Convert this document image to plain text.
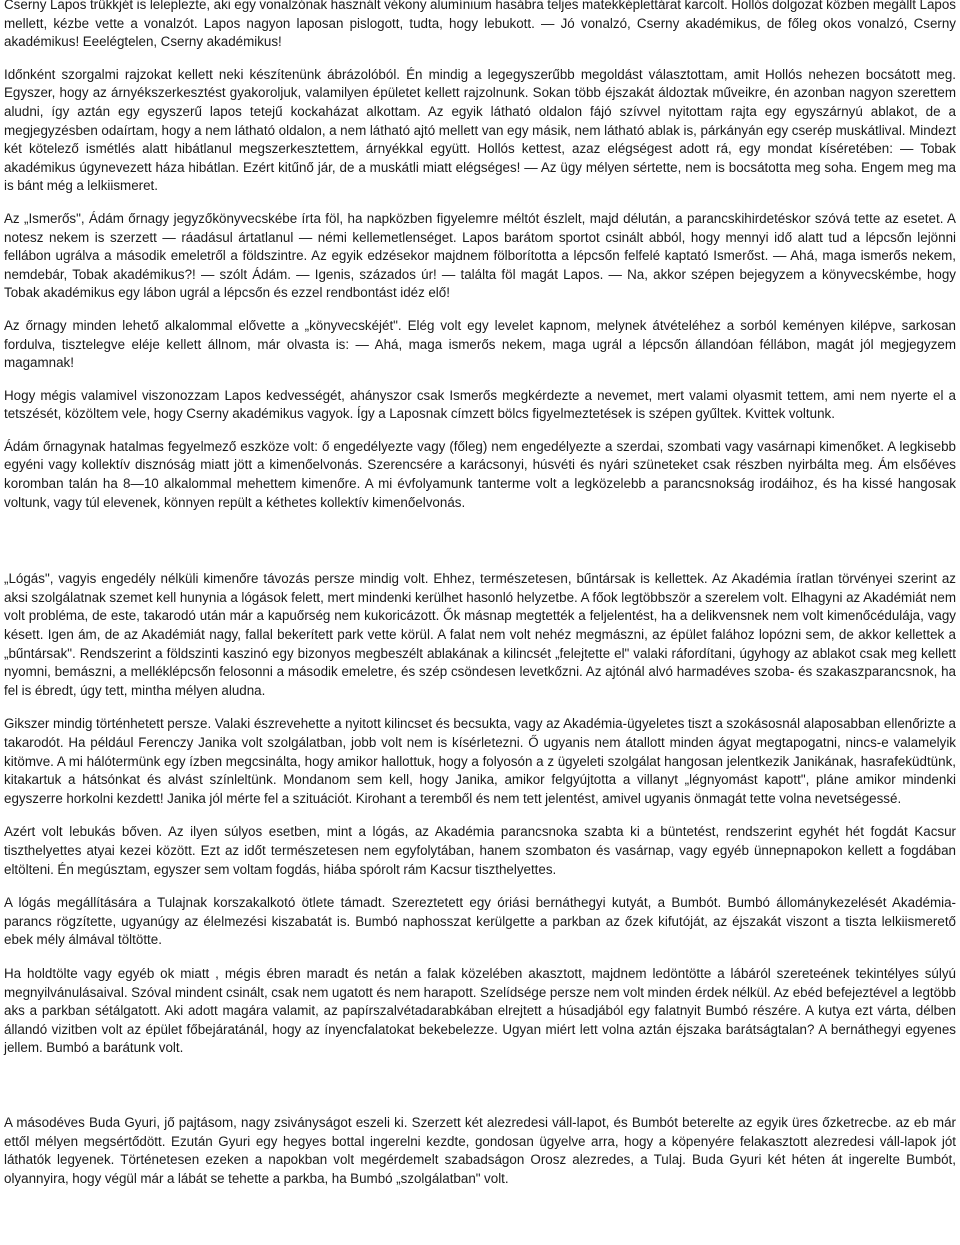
Cserny Lapos trükkjét is leleplezte, aki egy vonalzónak használt vékony alumínium hasábra teljes matekképlettárat karcolt. Hollós dolgozat közben megállt Lapos mellett, kézbe vette a vonalzót. Lapos nagyon laposan pislogott, tudta, hogy lebukott. — Jó vonalzó, Cserny akadémikus, de főleg okos vonalzó, Cserny akadémikus! Eeelégtelen, Cserny akadémikus!

Időnként szorgalmi rajzokat kellett neki készítenünk ábrázolóból. Én mindig a legegyszerűbb megoldást választottam, amit Hollós nehezen bocsátott meg. Egyszer, hogy az árnyékszerkesztést gyakoroljuk, valamilyen épületet kellett rajzolnunk. Sokan több éjszakát áldoztak műveikre, én azonban nagyon szerettem aludni, így aztán egy egyszerű lapos tetejű kockaházat alkottam. Az egyik látható oldalon fájó szívvel nyitottam rajta egy egyszárnyú ablakot, de a megjegyzésben odaírtam, hogy a nem látható oldalon, a nem látható ajtó mellett van egy másik, nem látható ablak is, párkányán egy cserép muskátlival. Mindezt két kötelező ismétlés alatt hibátlanul megszerkesztettem, árnyékkal együtt. Hollós kettest, azaz elégségest adott rá, egy mondat kíséretében: — Tobak akadémikus úgynevezett háza hibátlan. Ezért kitűnő jár, de a muskátli miatt elégséges! — Az ügy mélyen sértette, nem is bocsátotta meg soha. Engem meg ma is bánt még a lelkiismeret.

Az „Ismerős", Ádám őrnagy jegyzőkönyvecskébe írta föl, ha napközben figyelemre méltót észlelt, majd délután, a parancskihirdetéskor szóvá tette az esetet. A notesz nekem is szerzett — ráadásul ártatlanul — némi kellemetlenséget. Lapos barátom sportot csinált abból, hogy mennyi idő alatt tud a lépcsőn lejönni fellábon ugrálva a második emeletről a földszintre. Az egyik edzésekor majdnem fölborította a lépcsőn felfelé kaptató Ismerőst. — Ahá, maga ismerős nekem, nemdebár, Tobak akadémikus?! — szólt Ádám. — Igenis, százados úr! — találta föl magát Lapos. — Na, akkor szépen bejegyzem a könyvecskémbe, hogy Tobak akadémikus egy lábon ugrál a lépcsőn és ezzel rendbontást idéz elő!

Az őrnagy minden lehető alkalommal elővette a „könyvecskéjét". Elég volt egy levelet kapnom, melynek átvételéhez a sorból keményen kilépve, sarkosan fordulva, tisztelegve eléje kellett állnom, már olvasta is: — Ahá, maga ismerős nekem, maga ugrál a lépcsőn állandóan féllábon, magát jól megjegyzem magamnak!

Hogy mégis valamivel viszonozzam Lapos kedvességét, ahányszor csak Ismerős megkérdezte a nevemet, mert valami olyasmit tettem, ami nem nyerte el a tetszését, közöltem vele, hogy Cserny akadémikus vagyok. Így a Laposnak címzett bölcs figyelmeztetések is szépen gyűltek. Kvittek voltunk.

Ádám őrnagynak hatalmas fegyelmező eszköze volt: ő engedélyezte vagy (főleg) nem engedélyezte a szerdai, szombati vagy vasárnapi kimenőket. A legkisebb egyéni vagy kollektív disznóság miatt jött a kimenőelvonás. Szerencsére a karácsonyi, húsvéti és nyári szüneteket csak részben nyirbálta meg. Ám elsőéves koromban talán ha 8—10 alkalommal mehettem kimenőre. A mi évfolyamunk tanterme volt a legközelebb a parancsnokság irodáihoz, és ha kissé hangosak voltunk, vagy túl elevenek, könnyen repült a kéthetes kollektív kimenőelvonás.

„Lógás", vagyis engedély nélküli kimenőre távozás persze mindig volt. Ehhez, természetesen, bűntársak is kellettek. Az Akadémia íratlan törvényei szerint az aksi szolgálatnak szemet kell hunynia a lógások felett, mert mindenki kerülhet hasonló helyzetbe. A főok legtöbbször a szerelem volt. Elhagyni az Akadémiát nem volt probléma, de este, takarodó után már a kapuőrség nem kukoricázott. Ők másnap megtették a feljelentést, ha a delikvensnek nem volt kimenőcédulája, vagy késett. Igen ám, de az Akadémiát nagy, fallal bekerített park vette körül. A falat nem volt nehéz megmászni, az épület falához lopózni sem, de akkor kellettek a „bűntársak". Rendszerint a földszinti kaszinó egy bizonyos megbeszélt ablakának a kilincsét „felejtette el" valaki ráfordítani, úgyhogy az ablakot csak meg kellett nyomni, bemászni, a melléklépcsőn felosonni a második emeletre, és szép csöndesen levetkőzni. Az ajtónál alvó harmadéves szoba- és szakaszparancsnok, ha fel is ébredt, úgy tett, mintha mélyen aludna.

Gikszer mindig történhetett persze. Valaki észrevehette a nyitott kilincset és becsukta, vagy az Akadémia-ügyeletes tiszt a szokásosnál alaposabban ellenőrizte a takarodót. Ha például Ferenczy Janika volt szolgálatban, jobb volt nem is kísérletezni. Ő ugyanis nem átallott minden ágyat megtapogatni, nincs-e valamelyik kitömve. A mi hálótermünk egy ízben megcsinálta, hogy amikor hallottuk, hogy a folyosón a z ügyeleti szolgálat hangosan jelentkezik Janikának, hasrafeküdtünk, kitakartuk a hátsónkat és alvást színleltünk. Mondanom sem kell, hogy Janika, amikor felgyújtotta a villanyt „légnyomást kapott", pláne amikor mindenki egyszerre horkolni kezdett! Janika jól mérte fel a szituációt. Kirohant a teremből és nem tett jelentést, amivel ugyanis önmagát tette volna nevetségessé.

Azért volt lebukás bőven. Az ilyen súlyos esetben, mint a lógás, az Akadémia parancsnoka szabta ki a büntetést, rendszerint egyhét hét fogdát Kacsur tiszthelyettes atyai kezei között. Ezt az időt természetesen nem egyfolytában, hanem szombaton és vasárnap, vagy egyéb ünnepnapokon kellett a fogdában eltölteni. Én megúsztam, egyszer sem voltam fogdás, hiába spórolt rám Kacsur tiszthelyettes.

A lógás megállítására a Tulajnak korszakalkotó ötlete támadt. Szereztetett egy óriási bernáthegyi kutyát, a Bumbót. Bumbó állománykezelését Akadémia-parancs rögzítette, ugyanúgy az élelmezési kiszabatát is. Bumbó naphosszat kerülgette a parkban az őzek kifutóját, az éjszakát viszont a tiszta lelkiismerető ebek mély álmával töltötte.

Ha holdtölte vagy egyéb ok miatt , mégis ébren maradt és netán a falak közelében akasztott, majdnem ledöntötte a lábáról szereteének tekintélyes súlyú megnyilvánulásaival. Szóval mindent csinált, csak nem ugatott és nem harapott. Szelídsége persze nem volt minden érdek nélkül. Az ebéd befejeztével a legtöbb aks a parkban sétálgatott. Aki adott magára valamit, az papírszalvétadarabkában elrejtett a húsadjából egy falatnyit Bumbó részére. A kutya ezt várta, délben állandó vizitben volt az épület főbejáratánál, hogy az ínyencfalatokat bekebelezze. Ugyan miért lett volna aztán éjszaka barátságtalan? A bernáthegyi egyenes jellem. Bumbó a barátunk volt.

A másodéves Buda Gyuri, jő pajtásom, nagy zsiványságot eszeli ki. Szerzett két alezredesi váll-lapot, és Bumbót beterelte az egyik üres őzketrecbe. az eb már ettől mélyen megsértődött. Ezután Gyuri egy hegyes bottal ingerelni kezdte, gondosan ügyelve arra, hogy a köpenyére felakasztott alezredesi váll-lapok jót láthatók legyenek. Történetesen ezeken a napokban volt megérdemelt szabadságon Orosz alezredes, a Tulaj. Buda Gyuri két héten át ingerelte Bumbót, olyannyira, hogy végül már a lábát se tehette a parkba, ha Bumbó „szolgálatban" volt.
